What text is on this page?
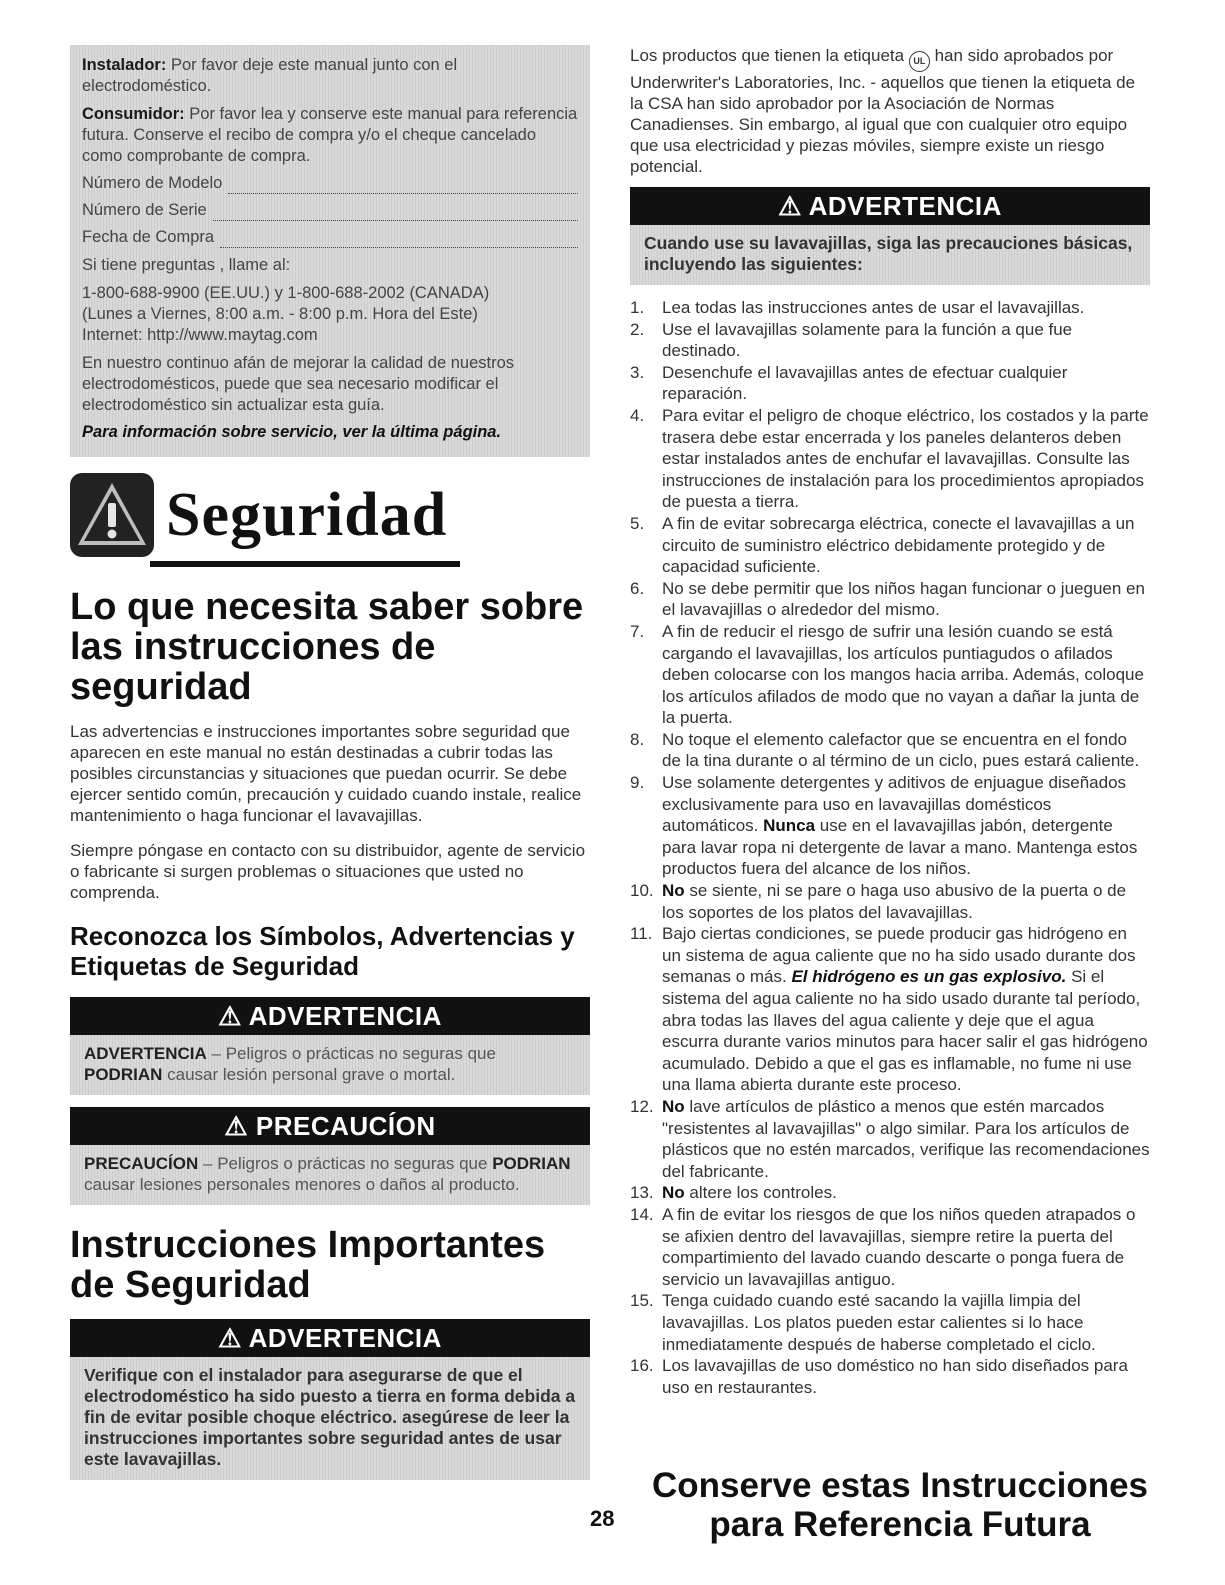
Instalador: Por favor deje este manual junto con el electrodoméstico.

Consumidor: Por favor lea y conserve este manual para referencia futura. Conserve el recibo de compra y/o el cheque cancelado como comprobante de compra.

Número de Modelo
Número de Serie
Fecha de Compra

Si tiene preguntas , llame al:

1-800-688-9900 (EE.UU.) y 1-800-688-2002 (CANADA)

(Lunes a Viernes, 8:00 a.m. - 8:00 p.m. Hora del Este)

Internet: http://www.maytag.com

En nuestro continuo afán de mejorar la calidad de nuestros electrodomésticos, puede que sea necesario modificar el electrodoméstico sin actualizar esta guía.

Para información sobre servicio, ver la última página.

Seguridad
Lo que necesita saber sobre las instrucciones de seguridad

Las advertencias e instrucciones importantes sobre seguridad que aparecen en este manual no están destinadas a cubrir todas las posibles circunstancias y situaciones que puedan ocurrir. Se debe ejercer sentido común, precaución y cuidado cuando instale, realice mantenimiento o haga funcionar el lavavajillas.

Siempre póngase en contacto con su distribuidor, agente de servicio o fabricante si surgen problemas o situaciones que usted no comprenda.

Reconozca los Símbolos, Advertencias y Etiquetas de Seguridad
⚠ ADVERTENCIA
ADVERTENCIA – Peligros o prácticas no seguras que PODRIAN causar lesión personal grave o mortal.
⚠ PRECAUCÍON
PRECAUCÍON – Peligros o prácticas no seguras que PODRIAN causar lesiones personales menores o daños al producto.
Instrucciones Importantes de Seguridad
⚠ ADVERTENCIA
Verifique con el instalador para asegurarse de que el electrodoméstico ha sido puesto a tierra en forma debida a fin de evitar posible choque eléctrico. asegúrese de leer la instrucciones importantes sobre seguridad antes de usar este lavavajillas.

Los productos que tienen la etiqueta UL han sido aprobados por Underwriter's Laboratories, Inc. - aquellos que tienen la etiqueta de la CSA han sido aprobador por la Asociación de Normas Canadienses. Sin embargo, al igual que con cualquier otro equipo que usa electricidad y piezas móviles, siempre existe un riesgo potencial.

⚠ ADVERTENCIA
Cuando use su lavavajillas, siga las precauciones básicas, incluyendo las siguientes:
1.	Lea todas las instrucciones antes de usar el lavavajillas.
2.	Use el lavavajillas solamente para la función a que fue destinado.
3.	Desenchufe el lavavajillas antes de efectuar cualquier reparación.
4.	Para evitar el peligro de choque eléctrico, los costados y la parte trasera debe estar encerrada y los paneles delanteros deben estar instalados antes de enchufar el lavavajillas. Consulte las instrucciones de instalación para los procedimientos apropiados de puesta a tierra.
5.	A fin de evitar sobrecarga eléctrica, conecte el lavavajillas a un circuito de suministro eléctrico debidamente protegido y de capacidad suficiente.
6.	No se debe permitir que los niños hagan funcionar o jueguen en el lavavajillas o alrededor del mismo.
7.	A fin de reducir el riesgo de sufrir una lesión cuando se está cargando el lavavajillas, los artículos puntiagudos o afilados deben colocarse con los mangos hacia arriba. Además, coloque los artículos afilados de modo que no vayan a dañar la junta de la puerta.
8.	No toque el elemento calefactor que se encuentra en el fondo de la tina durante o al término de un ciclo, pues estará caliente.
9.	Use solamente detergentes y aditivos de enjuague diseñados exclusivamente para uso en lavavajillas domésticos automáticos. Nunca use en el lavavajillas jabón, detergente para lavar ropa ni detergente de lavar a mano. Mantenga estos productos fuera del alcance de los niños.
10. No se siente, ni se pare o haga uso abusivo de la puerta o de los soportes de los platos del lavavajillas.
11. Bajo ciertas condiciones, se puede producir gas hidrógeno en un sistema de agua caliente que no ha sido usado durante dos semanas o más. El hidrógeno es un gas explosivo. Si el sistema del agua caliente no ha sido usado durante tal período, abra todas las llaves del agua caliente y deje que el agua escurra durante varios minutos para hacer salir el gas hidrógeno acumulado. Debido a que el gas es inflamable, no fume ni use una llama abierta durante este proceso.
12. No lave artículos de plástico a menos que estén marcados "resistentes al lavavajillas" o algo similar. Para los artículos de plásticos que no estén marcados, verifique las recomendaciones del fabricante.
13. No altere los controles.
14. A fin de evitar los riesgos de que los niños queden atrapados o se afixien dentro del lavavajillas, siempre retire la puerta del compartimiento del lavado cuando descarte o ponga fuera de servicio un lavavajillas antiguo.
15. Tenga cuidado cuando esté sacando la vajilla limpia del lavavajillas. Los platos pueden estar calientes si lo hace inmediatamente después de haberse completado el ciclo.
16. Los lavavajillas de uso doméstico no han sido diseñados para uso en restaurantes.
Conserve estas Instrucciones
para Referencia Futura
28
